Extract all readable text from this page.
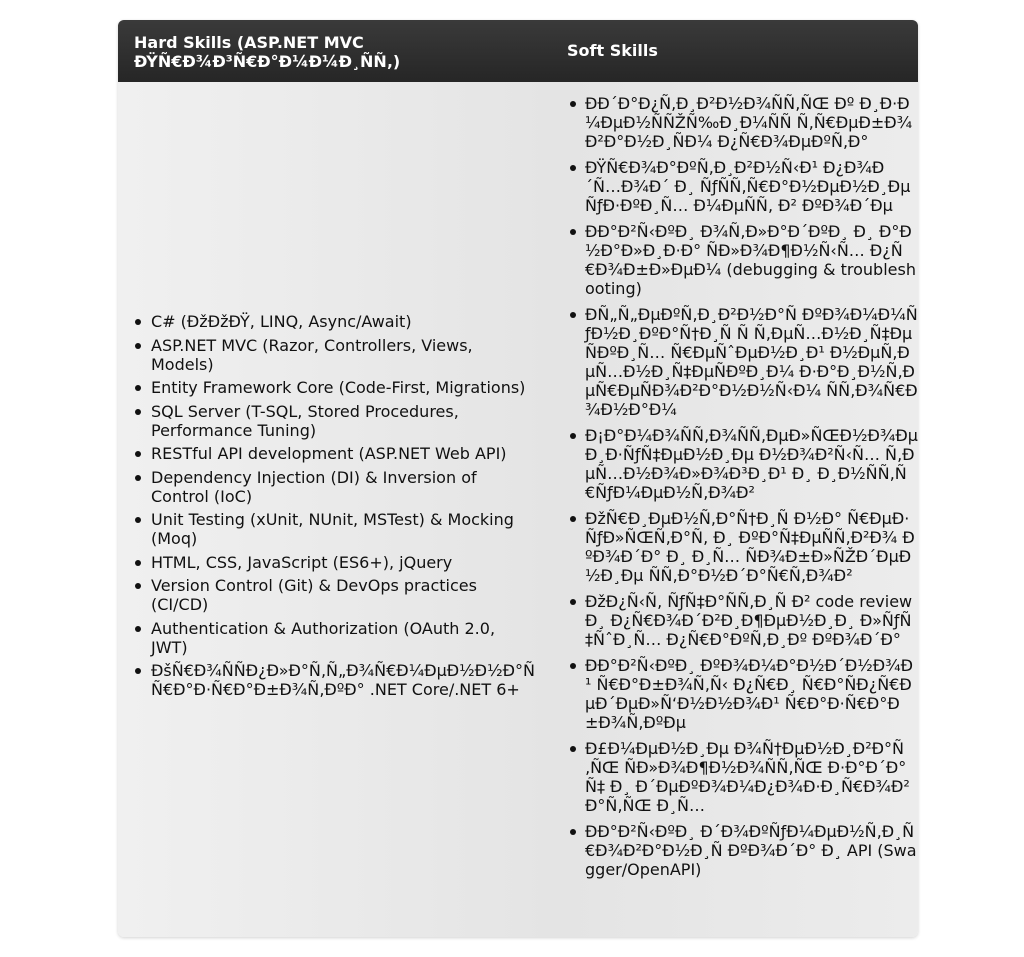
Hard Skills (ASP.NET MVC ÐŸÑ€Ð¾Ð³Ñ€Ð°Ð¼Ð¼Ð¸ÑÑ‚)
Soft Skills
C# (ÐžÐžÐŸ, LINQ, Async/Await)
ASP.NET MVC (Razor, Controllers, Views, Models)
Entity Framework Core (Code-First, Migrations)
SQL Server (T-SQL, Stored Procedures, Performance Tuning)
RESTful API development (ASP.NET Web API)
Dependency Injection (DI) & Inversion of Control (IoC)
Unit Testing (xUnit, NUnit, MSTest) & Mocking (Moq)
HTML, CSS, JavaScript (ES6+), jQuery
Version Control (Git) & DevOps practices (CI/CD)
Authentication & Authorization (OAuth 2.0, JWT)
ÐšÑ€Ð¾ÑÑÐ¿Ð»Ð°Ñ‚Ñ„Ð¾Ñ€Ð¼ÐµÐ½Ð½Ð°Ñ Ñ€Ð°Ð·Ñ€Ð°Ð±Ð¾Ñ‚ÐºÐ° .NET Core/.NET 6+
ÐÐ´Ð°Ð¿Ñ‚Ð¸Ð²Ð½Ð¾ÑÑ‚ÑŒ Ðº Ð¸Ð·Ð¼ÐµÐ½ÑÑŽÑ‰Ð¸Ð¼ÑÑ Ñ‚Ñ€ÐµÐ±Ð¾Ð²Ð°Ð½Ð¸ÑÐ¼ Ð¿Ñ€Ð¾ÐµÐºÑ‚Ð°
ÐŸÑ€Ð¾Ð°ÐºÑ‚Ð¸Ð²Ð½Ñ‹Ð¹ Ð¿Ð¾Ð´Ñ…Ð¾Ð´ Ð¸ ÑƒÑÑ‚Ñ€Ð°Ð½ÐµÐ½Ð¸Ðµ ÑƒÐ·ÐºÐ¸Ñ… Ð¼ÐµÑÑ‚ Ð² ÐºÐ¾Ð´Ðµ
ÐÐ°Ð²Ñ‹ÐºÐ¸ Ð¾Ñ‚Ð»Ð°Ð´ÐºÐ¸ Ð¸ Ð°Ð½Ð°Ð»Ð¸Ð·Ð° ÑÐ»Ð¾Ð¶Ð½Ñ‹Ñ… Ð¿Ñ€Ð¾Ð±Ð»ÐµÐ¼ (debugging & troubleshooting)
ÐÑ„Ñ„ÐµÐºÑ‚Ð¸Ð²Ð½Ð°Ñ ÐºÐ¾Ð¼Ð¼ÑƒÐ½Ð¸ÐºÐ°Ñ†Ð¸Ñ Ñ Ñ‚ÐµÑ…Ð½Ð¸Ñ‡ÐµÑÐºÐ¸Ñ… Ñ€ÐµÑˆÐµÐ½Ð¸Ð¹ Ð½ÐµÑ‚ÐµÑ…Ð½Ð¸Ñ‡ÐµÑÐºÐ¸Ð¼ Ð·Ð°Ð¸Ð½Ñ‚ÐµÑ€ÐµÑÐ¾Ð²Ð°Ð½Ð½Ñ‹Ð¼ ÑÑ‚Ð¾Ñ€Ð¾Ð½Ð°Ð¼
Ð¡Ð°Ð¼Ð¾ÑÑ‚Ð¾ÑÑ‚ÐµÐ»ÑŒÐ½Ð¾Ðµ Ð¸Ð·ÑƒÑ‡ÐµÐ½Ð¸Ðµ Ð½Ð¾Ð²Ñ‹Ñ… Ñ‚ÐµÑ…Ð½Ð¾Ð»Ð¾Ð³Ð¸Ð¹ Ð¸ Ð¸Ð½ÑÑ‚Ñ€ÑƒÐ¼ÐµÐ½Ñ‚Ð¾Ð²
ÐžÑ€Ð¸ÐµÐ½Ñ‚Ð°Ñ†Ð¸Ñ Ð½Ð° Ñ€ÐµÐ·ÑƒÐ»ÑŒÑ‚Ð°Ñ‚ Ð¸ ÐºÐ°Ñ‡ÐµÑÑ‚Ð²Ð¾ ÐºÐ¾Ð´Ð° Ð¸ Ð¸Ñ… ÑÐ¾Ð±Ð»ÑŽÐ´ÐµÐ½Ð¸Ðµ ÑÑ‚Ð°Ð½Ð´Ð°Ñ€Ñ‚Ð¾Ð²
ÐžÐ¿Ñ‹Ñ‚ ÑƒÑ‡Ð°ÑÑ‚Ð¸Ñ Ð² code review Ð¸ Ð¿Ñ€Ð¾Ð´Ð²Ð¸Ð¶ÐµÐ½Ð¸Ð¸ Ð»ÑƒÑ‡ÑˆÐ¸Ñ… Ð¿Ñ€Ð°ÐºÑ‚Ð¸Ðº ÐºÐ¾Ð´Ð°
ÐÐ°Ð²Ñ‹ÐºÐ¸ ÐºÐ¾Ð¼Ð°Ð½Ð´Ð½Ð¾Ð¹ Ñ€Ð°Ð±Ð¾Ñ‚Ñ‹ Ð¿Ñ€Ð¸ Ñ€Ð°ÑÐ¿Ñ€ÐµÐ´ÐµÐ»Ñ‘Ð½Ð½Ð¾Ð¹ Ñ€Ð°Ð·Ñ€Ð°Ð±Ð¾Ñ‚ÐºÐµ
Ð£Ð¼ÐµÐ½Ð¸Ðµ Ð¾Ñ†ÐµÐ½Ð¸Ð²Ð°Ñ‚ÑŒ ÑÐ»Ð¾Ð¶Ð½Ð¾ÑÑ‚ÑŒ Ð·Ð°Ð´Ð°Ñ‡ Ð¸ Ð´ÐµÐºÐ¾Ð¼Ð¿Ð¾Ð·Ð¸Ñ€Ð¾Ð²Ð°Ñ‚ÑŒ Ð¸Ñ…
ÐÐ°Ð²Ñ‹ÐºÐ¸ Ð´Ð¾ÐºÑƒÐ¼ÐµÐ½Ñ‚Ð¸Ñ€Ð¾Ð²Ð°Ð½Ð¸Ñ ÐºÐ¾Ð´Ð° Ð¸ API (Swagger/OpenAPI)
